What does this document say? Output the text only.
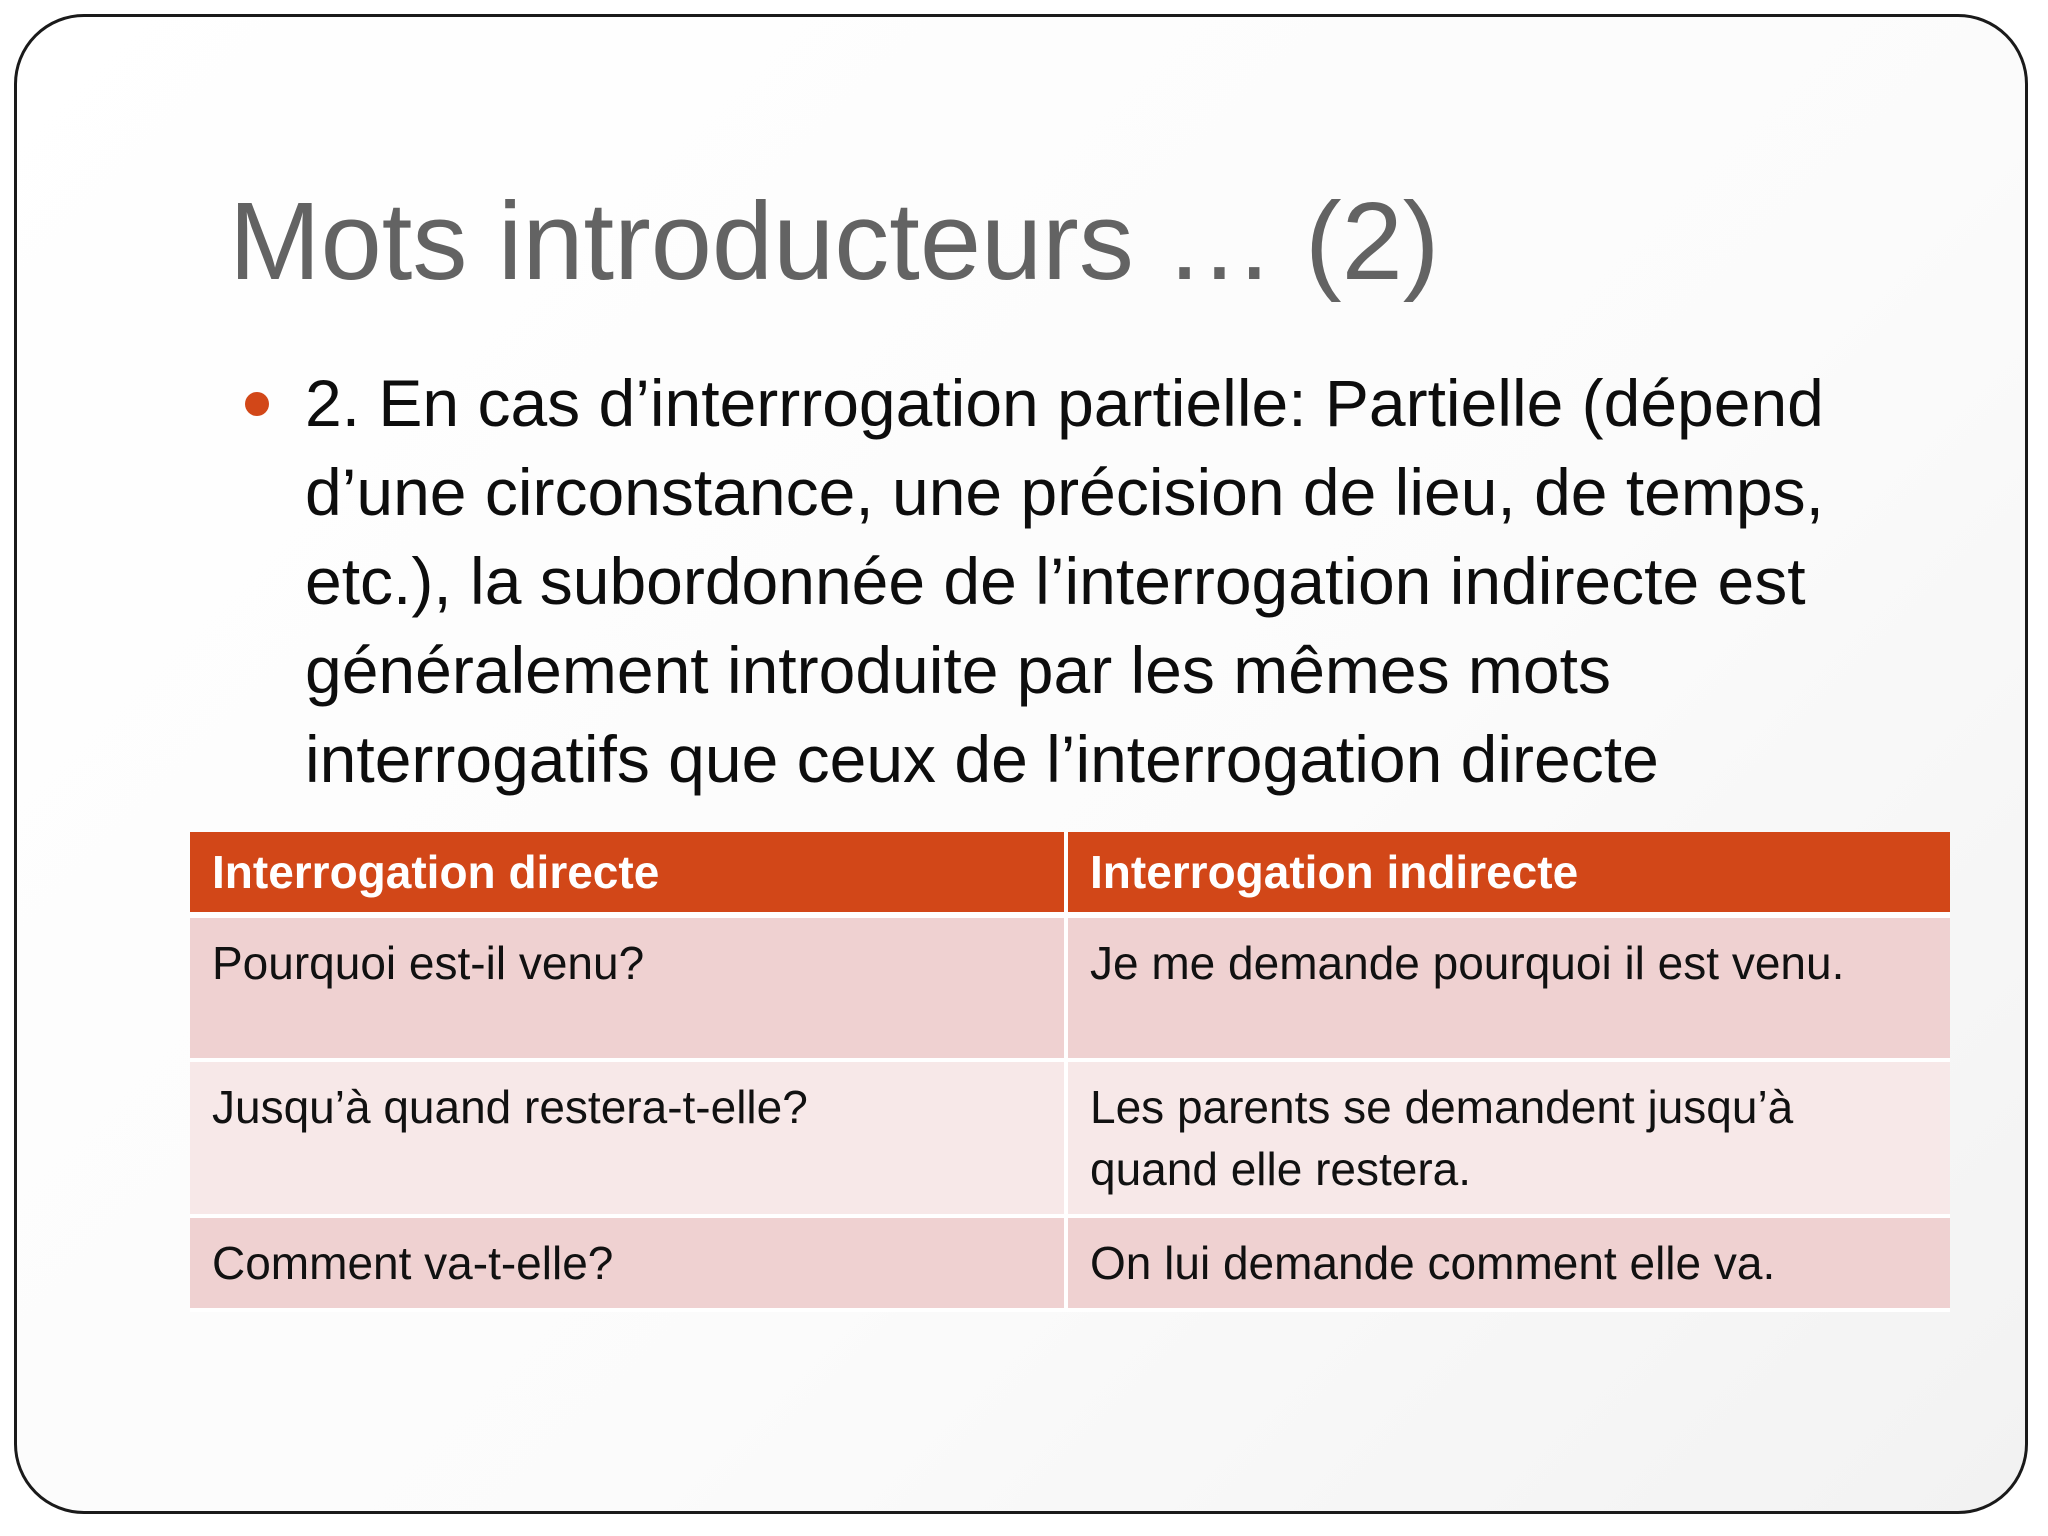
Mots introducteurs … (2)
2. En cas d’interrrogation partielle: Partielle (dépend d’une circonstance, une précision de lieu, de temps, etc.), la subordonnée de l’interrogation indirecte est généralement introduite par les mêmes mots interrogatifs que ceux de l’interrogation directe
Interrogation directe	Interrogation indirecte
Pourquoi est-il venu?	Je me demande pourquoi il est venu.
Jusqu’à quand restera-t-elle?	Les parents se demandent jusqu’à quand elle restera.
Comment va-t-elle?	On lui demande comment elle va.
